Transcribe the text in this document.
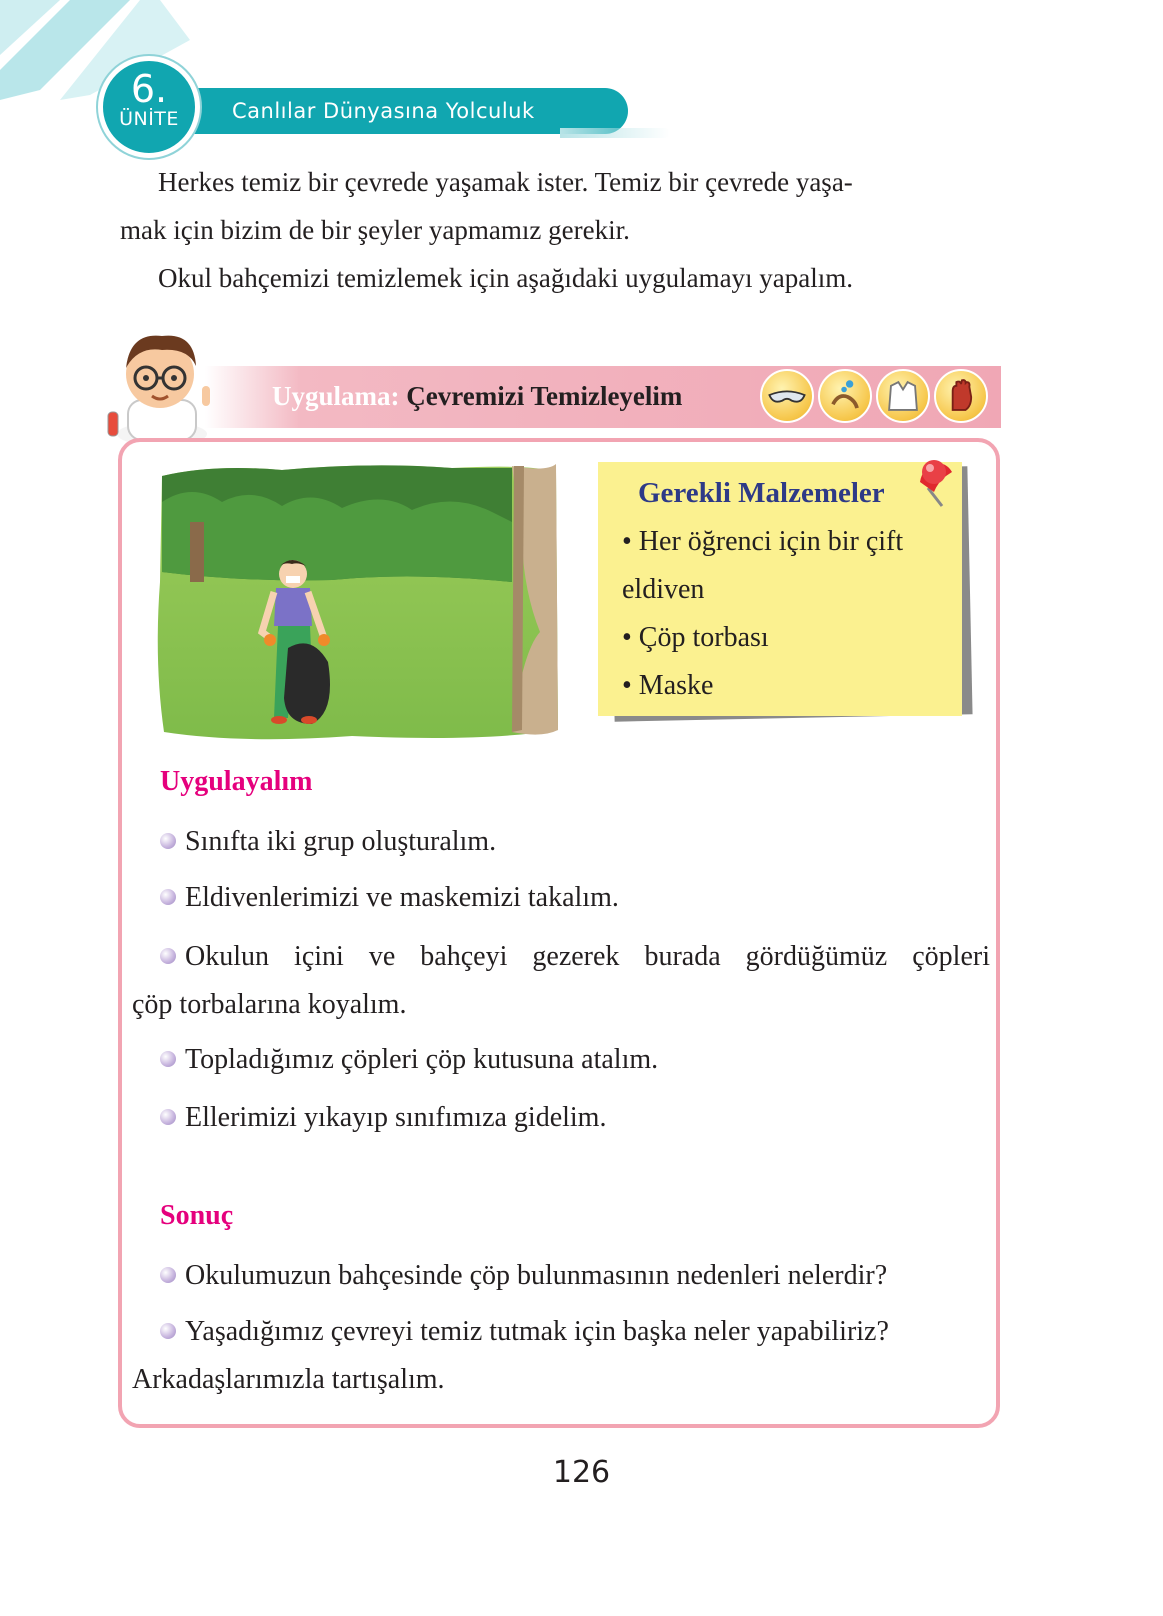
Canlılar Dünyasına Yolculuk
6.
ÜNİTE
Herkes temiz bir çevrede yaşamak ister. Temiz bir çevrede yaşa-
mak için bizim de bir şeyler yapmamız gerekir.
Okul bahçemizi temizlemek için aşağıdaki uygulamayı yapalım.
Uygulama: Çevremizi Temizleyelim
Gerekli Malzemeler
• Her öğrenci için bir çift
eldiven
• Çöp torbası
• Maske
Uygulayalım
Sınıfta iki grup oluşturalım.
Eldivenlerimizi ve maskemizi takalım.
Okulun içini ve bahçeyi gezerek burada gördüğümüz çöpleri
çöp torbalarına koyalım.
Topladığımız çöpleri çöp kutusuna atalım.
Ellerimizi yıkayıp sınıfımıza gidelim.
Sonuç
Okulumuzun bahçesinde çöp bulunmasının nedenleri nelerdir?
Yaşadığımız çevreyi temiz tutmak için başka neler yapabiliriz?
Arkadaşlarımızla tartışalım.
126
